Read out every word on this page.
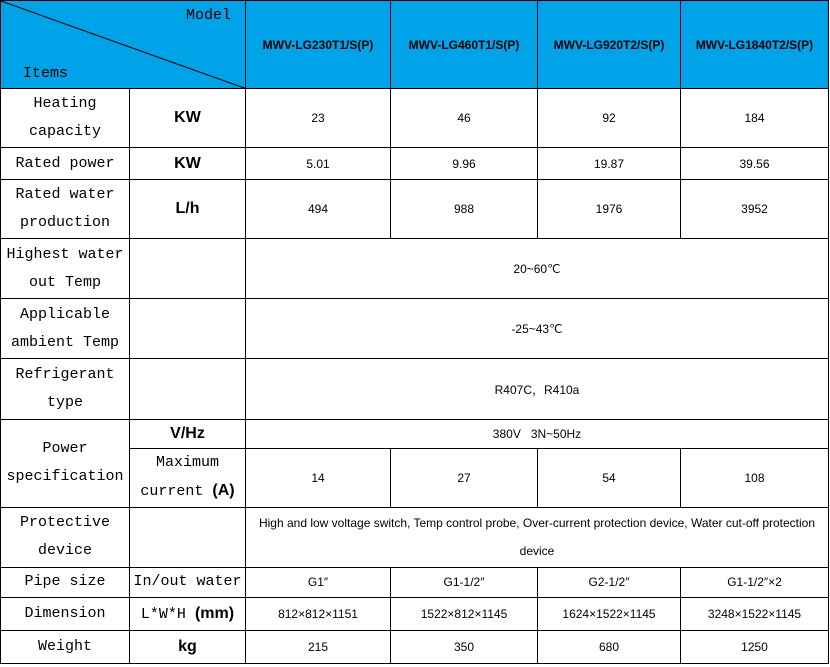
Model
Items		MWV-LG230T1/S(P)	MWV-LG460T1/S(P)	MWV-LG920T2/S(P)	MWV-LG1840T2/S(P)
Heating capacity	KW	23	46	92	184
Rated power	KW	5.01	9.96	19.87	39.56
Rated water production	L/h	494	988	1976	3952
Highest water out Temp		20~60℃			
Applicable ambient Temp		-25~43℃			
Refrigerant type		R407C，R410a			
Power specification	V/Hz	380V   3N~50Hz			
	Maximum current (A)	14	27	54	108
Protective device		High and low voltage switch, Temp control probe, Over-current protection device, Water cut-off protection device			
Pipe size	In/out water	G1″	G1-1/2″	G2-1/2″	G1-1/2″×2
Dimension	L*W*H (mm)	812×812×1151	1522×812×1145	1624×1522×1145	3248×1522×1145
Weight	kg	215	350	680	1250
